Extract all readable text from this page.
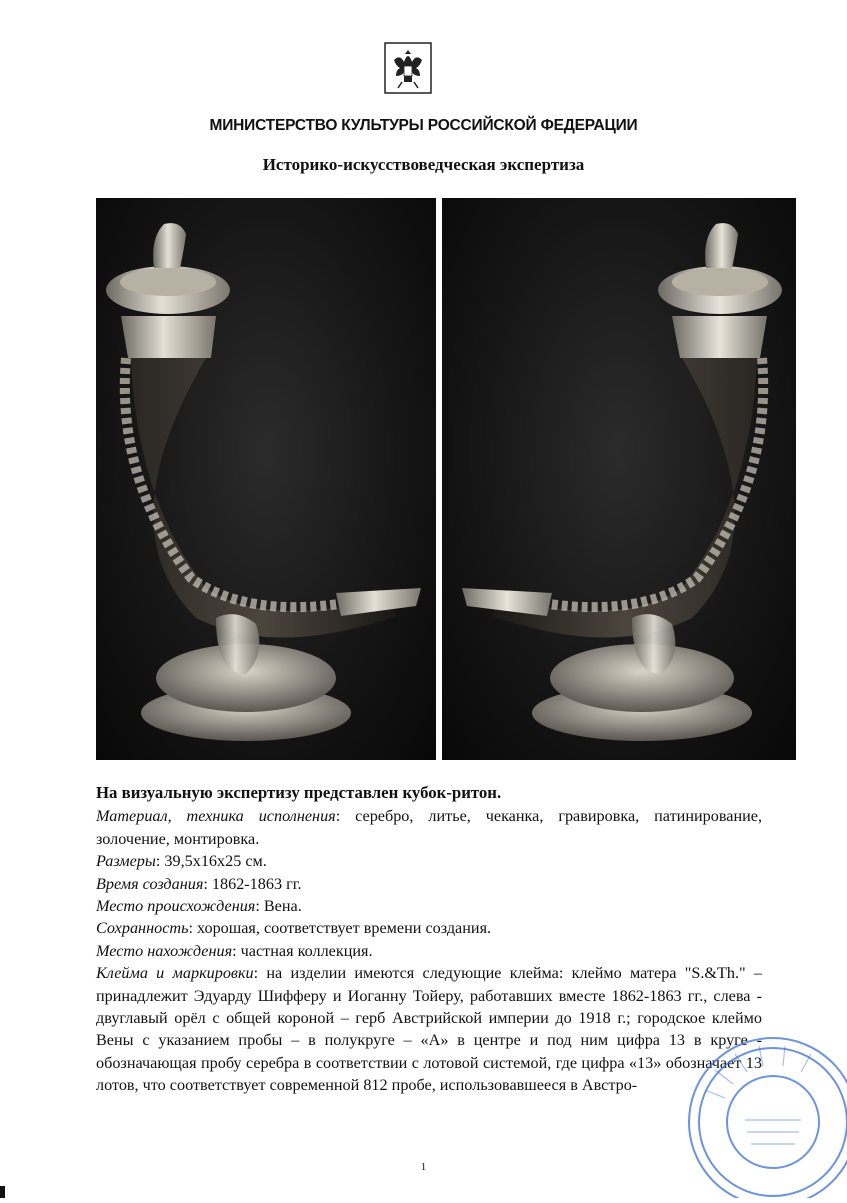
МИНИСТЕРСТВО КУЛЬТУРЫ РОССИЙСКОЙ ФЕДЕРАЦИИ
Историко-искусствоведческая экспертиза

На визуальную экспертизу представлен кубок-ритон.

Материал, техника исполнения: серебро, литье, чеканка, гравировка, патинирование, золочение, монтировка.

Размеры: 39,5х16х25 см.

Время создания: 1862-1863 гг.

Место происхождения: Вена.

Сохранность: хорошая, соответствует времени создания.

Место нахождения: частная коллекция.

Клейма и маркировки: на изделии имеются следующие клейма: клеймо матера "S.&Th." – принадлежит Эдуарду Шифферу и Иоганну Тойеру, работавших вместе 1862-1863 гг., слева - двуглавый орёл с общей короной – герб Австрийской империи до 1918 г.; городское клеймо Вены с указанием пробы – в полукруге – «А» в центре и под ним цифра 13 в круге - обозначающая пробу серебра в соответствии с лотовой системой, где цифра «13» обозначает 13 лотов, что соответствует современной 812 пробе, использовавшееся в Австро-

1
